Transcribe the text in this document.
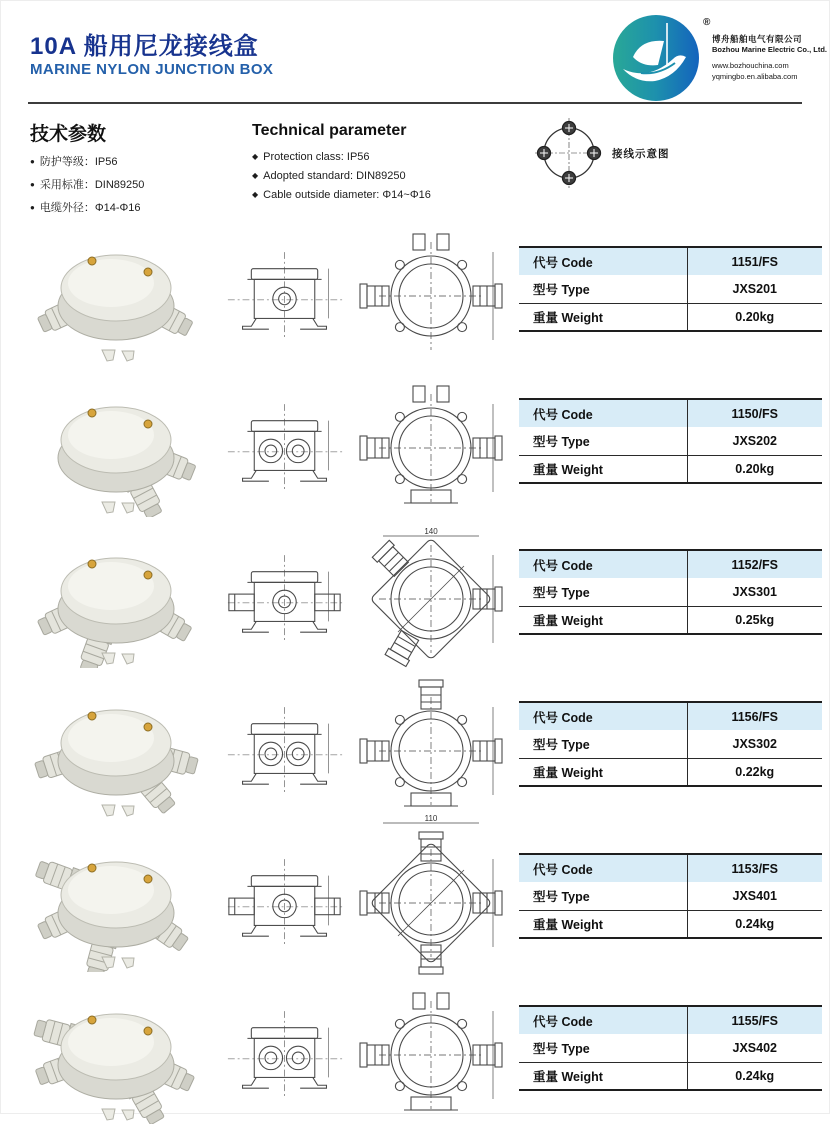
10A 船用尼龙接线盒
MARINE NYLON JUNCTION BOX
®
博舟船舶电气有限公司
Bozhou Marine Electric Co., Ltd.
www.bozhouchina.com
yqmingbo.en.alibaba.com
技术参数
● 防护等级：IP56
● 采用标准：DIN89250
● 电缆外径：Φ14-Φ16
Technical parameter
◆ Protection class: IP56
◆ Adopted standard: DIN89250
◆ Cable outside diameter: Φ14~Φ16
接线示意图
代号 Code	1151/FS
型号 Type	JXS201
重量 Weight	0.20kg
代号 Code	1150/FS
型号 Type	JXS202
重量 Weight	0.20kg
140
代号 Code	1152/FS
型号 Type	JXS301
重量 Weight	0.25kg
110
代号 Code	1156/FS
型号 Type	JXS302
重量 Weight	0.22kg
代号 Code	1153/FS
型号 Type	JXS401
重量 Weight	0.24kg
代号 Code	1155/FS
型号 Type	JXS402
重量 Weight	0.24kg
